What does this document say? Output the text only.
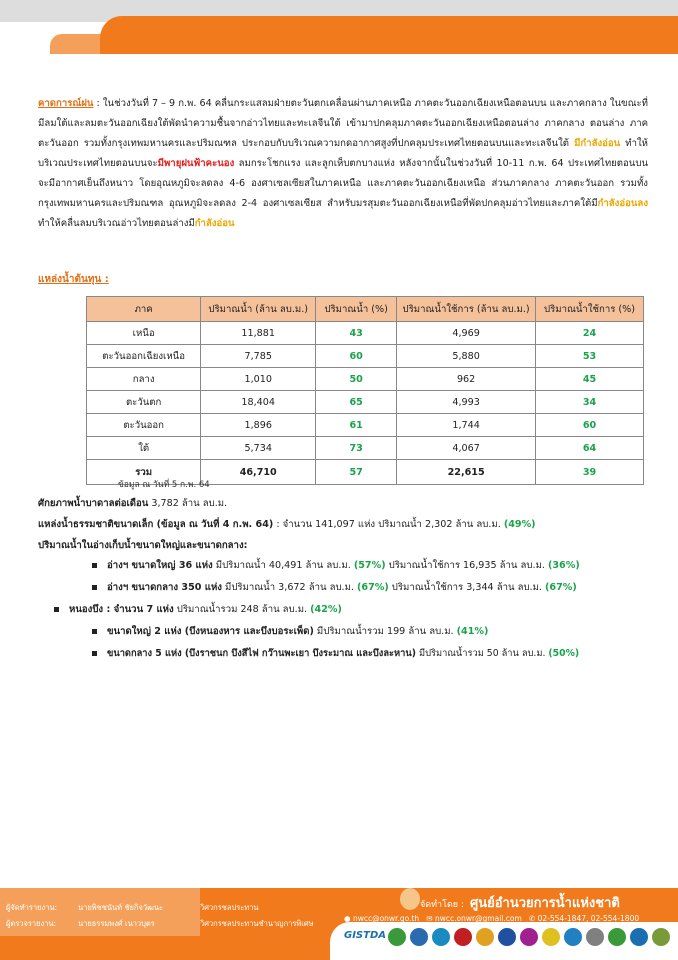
คาดการณ์ฝน : ในช่วงวันที่ 7 – 9 ก.พ. 64 คลื่นกระแสลมฝ่ายตะวันตกเคลื่อนผ่านภาคเหนือ ภาคตะวันออกเฉียงเหนือตอนบน และภาคกลาง ในขณะที่มีลมใต้และลมตะวันออกเฉียงใต้พัดนำความชื้นจากอ่าวไทยและทะเลจีนใต้ เข้ามาปกคลุมภาคตะวันออกเฉียงเหนือตอนล่าง ภาคกลาง ตอนล่าง ภาคตะวันออก รวมทั้งกรุงเทพมหานครและปริมณฑล ประกอบกับบริเวณความกดอากาศสูงที่ปกคลุมประเทศไทยตอนบนและทะเลจีนใต้ มีกำลังอ่อน ทำให้บริเวณประเทศไทยตอนบนจะมีพายุฝนฟ้าคะนอง ลมกระโชกแรง และลูกเห็บตกบางแห่ง หลังจากนั้นในช่วงวันที่ 10-11 ก.พ. 64 ประเทศไทยตอนบนจะมีอากาศเย็นถึงหนาว โดยอุณหภูมิจะลดลง 4-6 องศาเซลเซียสในภาคเหนือ และภาคตะวันออกเฉียงเหนือ ส่วนภาคกลาง ภาคตะวันออก รวมทั้งกรุงเทพมหานครและปริมณฑล อุณหภูมิจะลดลง 2-4 องศาเซลเซียส สำหรับมรสุมตะวันออกเฉียงเหนือที่พัดปกคลุมอ่าวไทยและภาคใต้มีกำลังอ่อนลง ทำให้คลื่นลมบริเวณอ่าวไทยตอนล่างมีกำลังอ่อน

แหล่งน้ำต้นทุน :
ภาค	ปริมาณน้ำ (ล้าน ลบ.ม.)	ปริมาณน้ำ (%)	ปริมาณน้ำใช้การ (ล้าน ลบ.ม.)	ปริมาณน้ำใช้การ (%)
เหนือ	11,881	43	4,969	24
ตะวันออกเฉียงเหนือ	7,785	60	5,880	53
กลาง	1,010	50	962	45
ตะวันตก	18,404	65	4,993	34
ตะวันออก	1,896	61	1,744	60
ใต้	5,734	73	4,067	64
รวม	46,710	57	22,615	39
ข้อมูล ณ วันที่ 5 ก.พ. 64
ศักยภาพน้ำบาดาลต่อเดือน 3,782 ล้าน ลบ.ม.
แหล่งน้ำธรรมชาติขนาดเล็ก (ข้อมูล ณ วันที่ 4 ก.พ. 64) : จำนวน 141,097 แห่ง ปริมาณน้ำ 2,302 ล้าน ลบ.ม. (49%)
ปริมาณน้ำในอ่างเก็บน้ำขนาดใหญ่และขนาดกลาง:
อ่างฯ ขนาดใหญ่ 36 แห่ง มีปริมาณน้ำ 40,491 ล้าน ลบ.ม. (57%) ปริมาณน้ำใช้การ 16,935 ล้าน ลบ.ม. (36%)
อ่างฯ ขนาดกลาง 350 แห่ง มีปริมาณน้ำ 3,672 ล้าน ลบ.ม. (67%) ปริมาณน้ำใช้การ 3,344 ล้าน ลบ.ม. (67%)
หนองบึง : จำนวน 7 แห่ง ปริมาณน้ำรวม 248 ล้าน ลบ.ม. (42%)
ขนาดใหญ่ 2 แห่ง (บึงหนองหาร และบึงบอระเพ็ด) มีปริมาณน้ำรวม 199 ล้าน ลบ.ม. (41%)
ขนาดกลาง 5 แห่ง (บึงราชนก บึงสีไฟ กว๊านพะเยา บึงระมาณ และบึงละหาน) มีปริมาณน้ำรวม 50 ล้าน ลบ.ม. (50%)
ผู้จัดทำรายงาน:	นายพิชชนันท์ ชัยกิจวัฒนะ	วิศวกรชลประทาน
ผู้ตรวจรายงาน:	นายธรรมพงศ์ เนาวบุตร	วิศวกรชลประทานชำนาญการพิเศษ
จัดทำโดย : ศูนย์อำนวยการน้ำแห่งชาติ
● nwcc@onwr.go.th ✉ nwcc.onwr@gmail.com ✆ 02-554-1847, 02-554-1800
GISTDA
